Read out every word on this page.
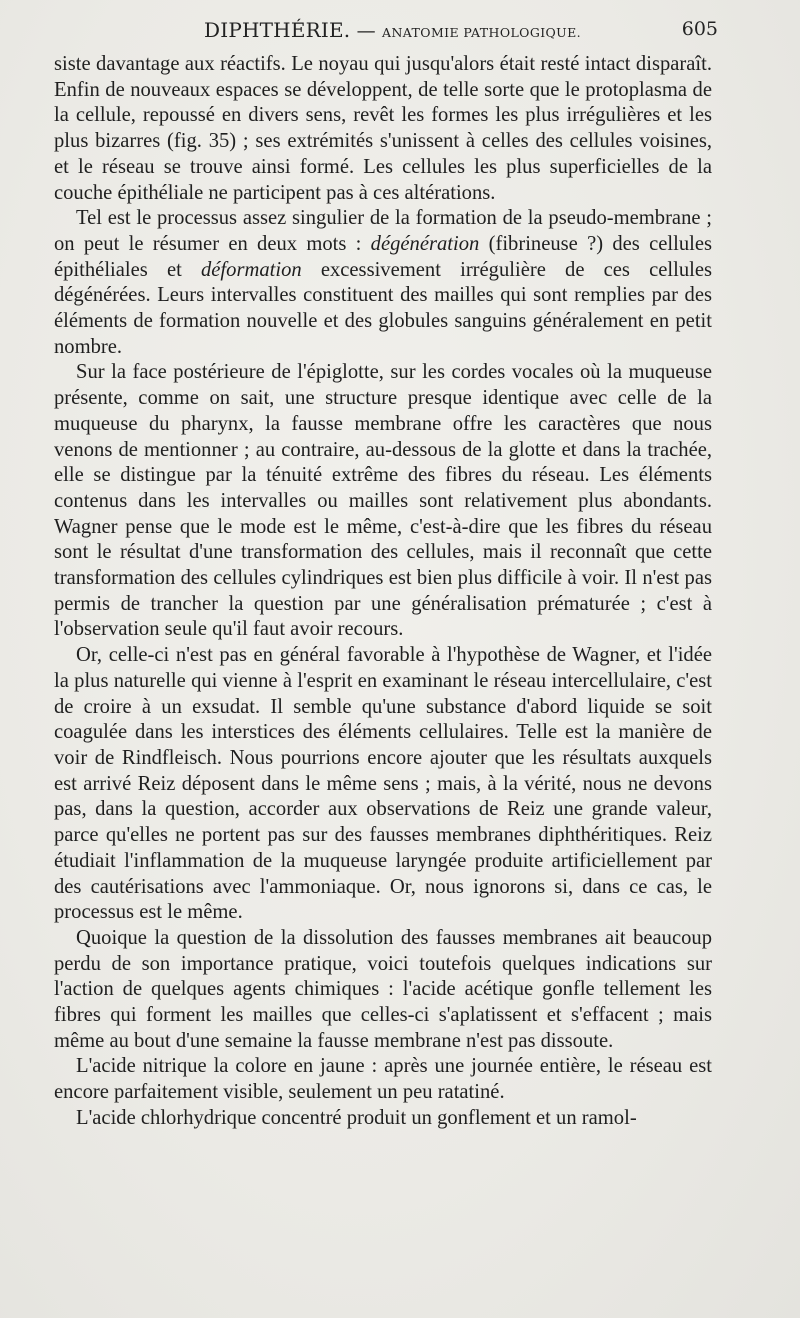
DIPHTHÉRIE. — ANATOMIE PATHOLOGIQUE.	605

siste davantage aux réactifs. Le noyau qui jusqu'alors était resté intact disparaît. Enfin de nouveaux espaces se développent, de telle sorte que le protoplasma de la cellule, repoussé en divers sens, revêt les formes les plus irrégulières et les plus bizarres (fig. 35) ; ses extrémités s'unissent à celles des cellules voisines, et le réseau se trouve ainsi formé. Les cellules les plus superficielles de la couche épithéliale ne participent pas à ces altérations.

Tel est le processus assez singulier de la formation de la pseudo-membrane ; on peut le résumer en deux mots : dégénération (fibrineuse ?) des cellules épithéliales et déformation excessivement irrégulière de ces cellules dégénérées. Leurs intervalles constituent des mailles qui sont remplies par des éléments de formation nouvelle et des globules sanguins généralement en petit nombre.

Sur la face postérieure de l'épiglotte, sur les cordes vocales où la muqueuse présente, comme on sait, une structure presque identique avec celle de la muqueuse du pharynx, la fausse membrane offre les caractères que nous venons de mentionner ; au contraire, au-dessous de la glotte et dans la trachée, elle se distingue par la ténuité extrême des fibres du réseau. Les éléments contenus dans les intervalles ou mailles sont relativement plus abondants. Wagner pense que le mode est le même, c'est-à-dire que les fibres du réseau sont le résultat d'une transformation des cellules, mais il reconnaît que cette transformation des cellules cylindriques est bien plus difficile à voir. Il n'est pas permis de trancher la question par une généralisation prématurée ; c'est à l'observation seule qu'il faut avoir recours.

Or, celle-ci n'est pas en général favorable à l'hypothèse de Wagner, et l'idée la plus naturelle qui vienne à l'esprit en examinant le réseau intercellulaire, c'est de croire à un exsudat. Il semble qu'une substance d'abord liquide se soit coagulée dans les interstices des éléments cellulaires. Telle est la manière de voir de Rindfleisch. Nous pourrions encore ajouter que les résultats auxquels est arrivé Reiz déposent dans le même sens ; mais, à la vérité, nous ne devons pas, dans la question, accorder aux observations de Reiz une grande valeur, parce qu'elles ne portent pas sur des fausses membranes diphthéritiques. Reiz étudiait l'inflammation de la muqueuse laryngée produite artificiellement par des cautérisations avec l'ammoniaque. Or, nous ignorons si, dans ce cas, le processus est le même.

Quoique la question de la dissolution des fausses membranes ait beaucoup perdu de son importance pratique, voici toutefois quelques indications sur l'action de quelques agents chimiques : l'acide acétique gonfle tellement les fibres qui forment les mailles que celles-ci s'aplatissent et s'effacent ; mais même au bout d'une semaine la fausse membrane n'est pas dissoute.

L'acide nitrique la colore en jaune : après une journée entière, le réseau est encore parfaitement visible, seulement un peu ratatiné.

L'acide chlorhydrique concentré produit un gonflement et un ramol-
